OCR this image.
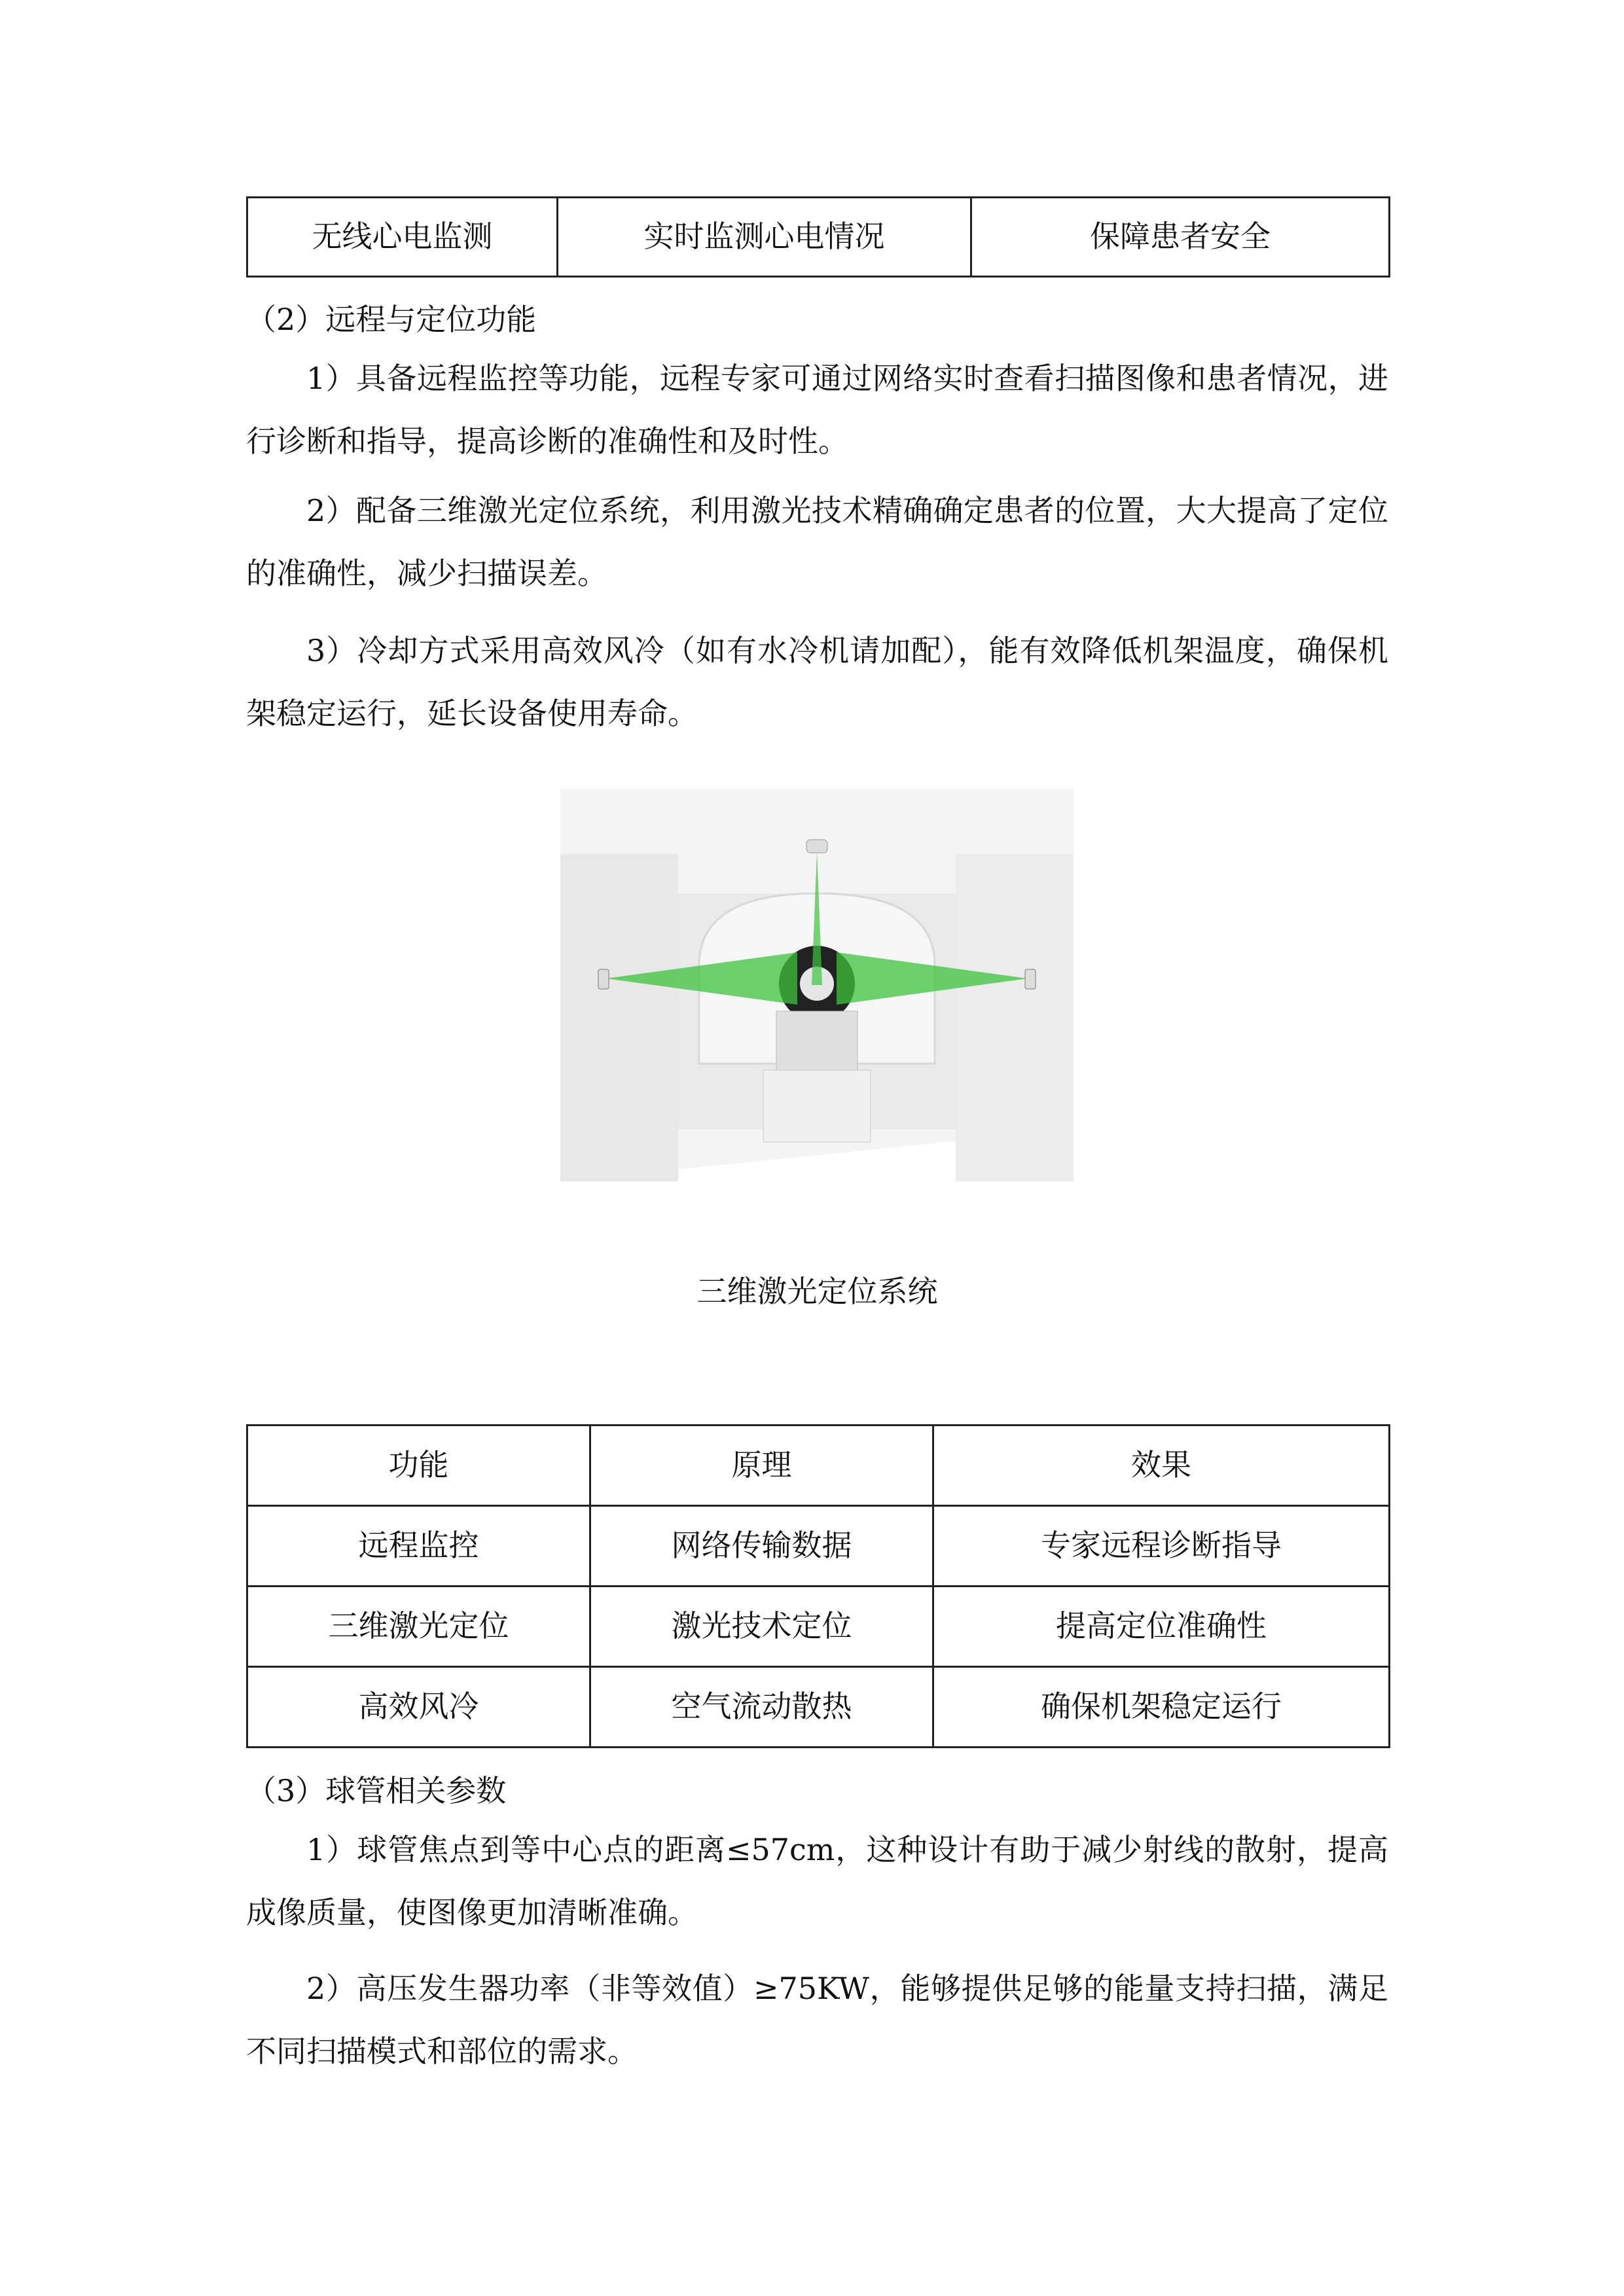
无线心电监测	实时监测心电情况	保障患者安全

（2）远程与定位功能

1）具备远程监控等功能，远程专家可通过网络实时查看扫描图像和患者情况，进行诊断和指导，提高诊断的准确性和及时性。

2）配备三维激光定位系统，利用激光技术精确确定患者的位置，大大提高了定位的准确性，减少扫描误差。

3）冷却方式采用高效风冷（如有水冷机请加配），能有效降低机架温度，确保机架稳定运行，延长设备使用寿命。

三维激光定位系统

功能	原理	效果
远程监控	网络传输数据	专家远程诊断指导
三维激光定位	激光技术定位	提高定位准确性
高效风冷	空气流动散热	确保机架稳定运行

（3）球管相关参数

1）球管焦点到等中心点的距离≤57cm，这种设计有助于减少射线的散射，提高成像质量，使图像更加清晰准确。

2）高压发生器功率（非等效值）≥75KW，能够提供足够的能量支持扫描，满足不同扫描模式和部位的需求。
